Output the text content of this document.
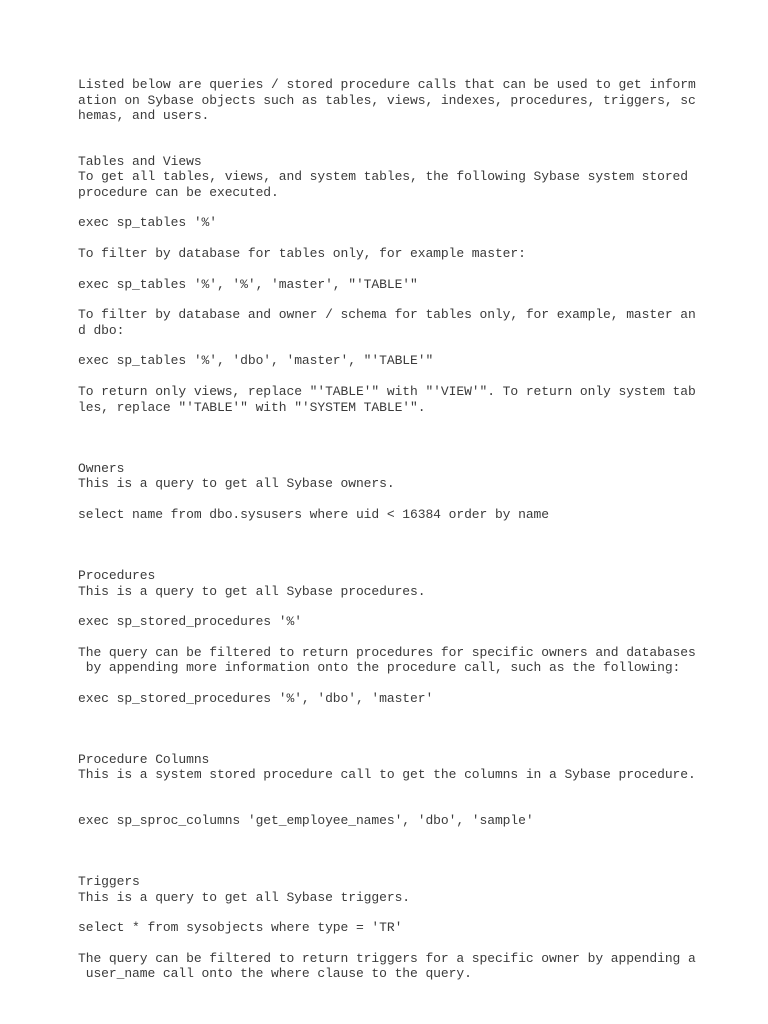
Listed below are queries / stored procedure calls that can be used to get inform
ation on Sybase objects such as tables, views, indexes, procedures, triggers, sc
hemas, and users.
Tables and Views
To get all tables, views, and system tables, the following Sybase system stored
procedure can be executed.
exec sp_tables '%'
To filter by database for tables only, for example master:
exec sp_tables '%', '%', 'master', "'TABLE'"
To filter by database and owner / schema for tables only, for example, master an
d dbo:
exec sp_tables '%', 'dbo', 'master', "'TABLE'"
To return only views, replace "'TABLE'" with "'VIEW'". To return only system tab
les, replace "'TABLE'" with "'SYSTEM TABLE'".
Owners
This is a query to get all Sybase owners.
select name from dbo.sysusers where uid < 16384 order by name
Procedures
This is a query to get all Sybase procedures.
exec sp_stored_procedures '%'
The query can be filtered to return procedures for specific owners and databases
by appending more information onto the procedure call, such as the following:
exec sp_stored_procedures '%', 'dbo', 'master'
Procedure Columns
This is a system stored procedure call to get the columns in a Sybase procedure.
exec sp_sproc_columns 'get_employee_names', 'dbo', 'sample'
Triggers
This is a query to get all Sybase triggers.
select * from sysobjects where type = 'TR'
The query can be filtered to return triggers for a specific owner by appending a
user_name call onto the where clause to the query.
